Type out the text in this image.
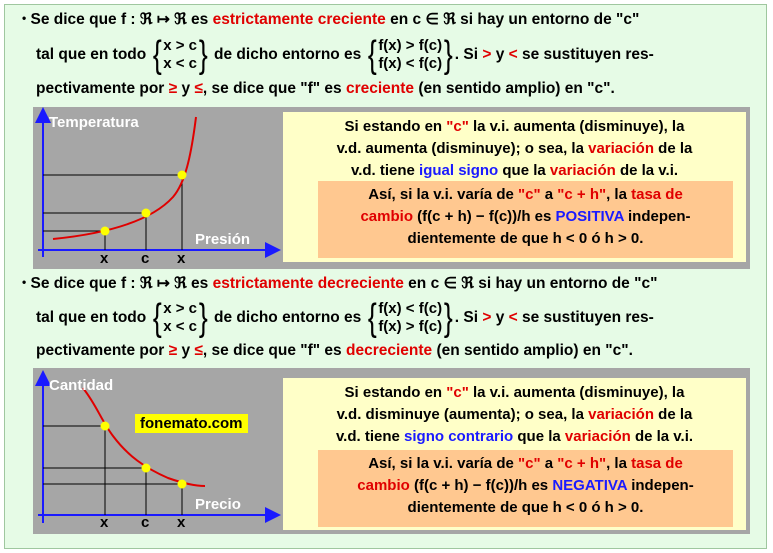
• Se dice que f : ℜ ↦ ℜ es estrictamente creciente en c ∈ ℜ si hay un entorno de "c"
tal que en todo { x > c
x < c} de dicho entorno es { f(x) > f(c)
f(x) < f(c)} . Si > y < se sustituyen res-
pectivamente por ≥ y ≤, se dice que "f" es creciente (en sentido amplio) en "c".
Temperatura
Presión
x c x
Si estando en "c" la v.i. aumenta (disminuye), la
v.d. aumenta (disminuye); o sea, la variación de la
v.d. tiene igual signo que la variación de la v.i.
Así, si la v.i. varía de "c" a "c + h", la tasa de
cambio (f(c + h) − f(c))/h es POSITIVA indepen-
dientemente de que h < 0 ó h > 0.
• Se dice que f : ℜ ↦ ℜ es estrictamente decreciente en c ∈ ℜ si hay un entorno de "c"
tal que en todo { x > c
x < c} de dicho entorno es { f(x) < f(c)
f(x) > f(c)} . Si > y < se sustituyen res-
pectivamente por ≥ y ≤, se dice que "f" es decreciente (en sentido amplio) en "c".
Cantidad
Precio
x c x
fonemato.com
Si estando en "c" la v.i. aumenta (disminuye), la
v.d. disminuye (aumenta); o sea, la variación de la
v.d. tiene signo contrario que la variación de la v.i.
Así, si la v.i. varía de "c" a "c + h", la tasa de
cambio (f(c + h) − f(c))/h es NEGATIVA indepen-
dientemente de que h < 0 ó h > 0.
